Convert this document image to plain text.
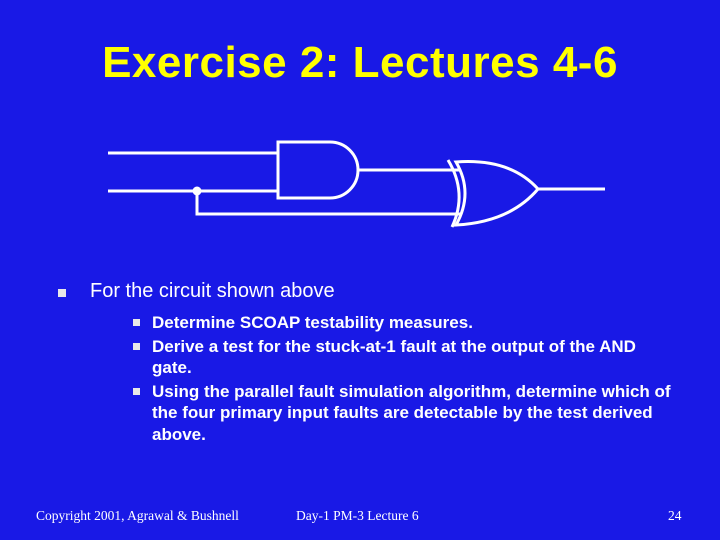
Exercise 2: Lectures 4-6
For the circuit shown above
Determine SCOAP testability measures.
Derive a test for the stuck-at-1 fault at the output of the AND gate.
Using the parallel fault simulation algorithm, determine which of the four primary input faults are detectable by the test derived above.
Copyright 2001, Agrawal & Bushnell	Day-1 PM-3 Lecture 6	24
